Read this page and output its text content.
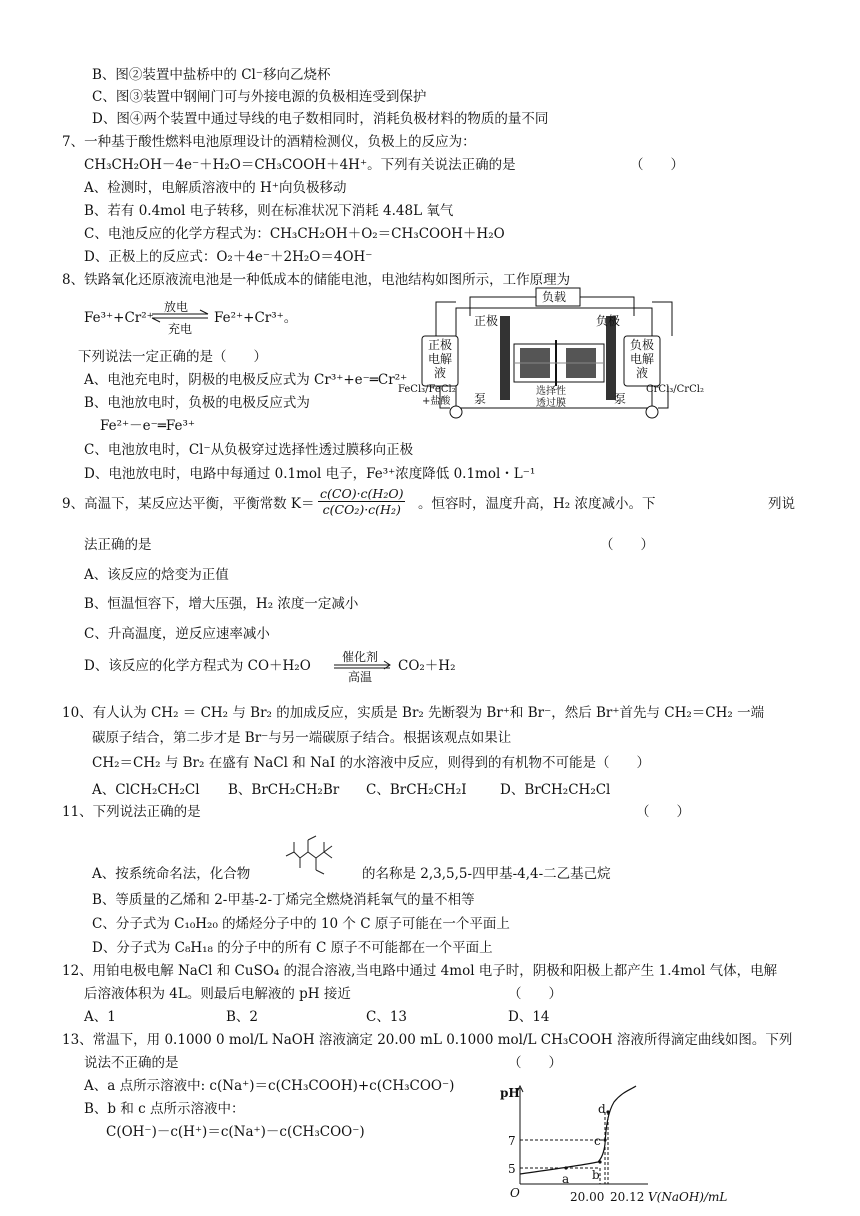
B、图②装置中盐桥中的 Cl⁻移向乙烧杯
C、图③装置中钢闸门可与外接电源的负极相连受到保护
D、图④两个装置中通过导线的电子数相同时，消耗负极材料的物质的量不同
7、一种基于酸性燃料电池原理设计的酒精检测仪，负极上的反应为：
CH₃CH₂OH－4e⁻＋H₂O＝CH₃COOH＋4H⁺。下列有关说法正确的是	（　　）
A、检测时，电解质溶液中的 H⁺向负极移动
B、若有 0.4mol 电子转移，则在标准状况下消耗 4.48L 氧气
C、电池反应的化学方程式为：CH₃CH₂OH＋O₂＝CH₃COOH＋H₂O
D、正极上的反应式：O₂＋4e⁻＋2H₂O＝4OH⁻
8、铁路氧化还原液流电池是一种低成本的储能电池，电池结构如图所示，工作原理为
Fe³⁺+Cr²⁺
放电
充电
Fe²⁺+Cr³⁺。
下列说法一定正确的是（　　）
A、电池充电时，阴极的电极反应式为 Cr³⁺+e⁻═Cr²⁺
B、电池放电时，负极的电极反应式为
Fe²⁺－e⁻═Fe³⁺
C、电池放电时，Cl⁻从负极穿过选择性透过膜移向正极
D、电池放电时，电路中每通过 0.1mol 电子，Fe³⁺浓度降低 0.1mol・L⁻¹
负载
正极	负极
正极电解液
负极电解液
FeCl₃/FeCl₂
+盐酸
CrCl₃/CrCl₂
泵	泵
选择性
透过膜
9、高温下，某反应达平衡，平衡常数 $K= \frac{\text{c(CO)·c(H₂O)}}{\text{c(CO₂)·c(H₂)}}$ 。恒容时，温度升高，H₂ 浓度减小。下	列说
法正确的是	（　　）
A、该反应的焓变为正值
B、恒温恒容下，增大压强，H₂ 浓度一定减小
C、升高温度，逆反应速率减小
D、该反应的化学方程式为 CO＋H₂O
催化剂
高温
CO₂＋H₂
10、有人认为 CH₂ ＝ CH₂ 与 Br₂ 的加成反应，实质是 Br₂ 先断裂为 Br⁺和 Br⁻，然后 Br⁺首先与 CH₂＝CH₂ 一端
碳原子结合，第二步才是 Br⁻与另一端碳原子结合。根据该观点如果让
CH₂＝CH₂ 与 Br₂ 在盛有 NaCl 和 NaI 的水溶液中反应，则得到的有机物不可能是（　　）
A、ClCH₂CH₂Cl B、BrCH₂CH₂Br C、BrCH₂CH₂I D、BrCH₂CH₂Cl
11、下列说法正确的是	（　　）
A、按系统命名法，化合物	的名称是 2,3,5,5-四甲基-4,4-二乙基己烷
B、等质量的乙烯和 2-甲基-2-丁烯完全燃烧消耗氧气的量不相等
C、分子式为 C₁₀H₂₀ 的烯烃分子中的 10 个 C 原子可能在一个平面上
D、分子式为 C₈H₁₈ 的分子中的所有 C 原子不可能都在一个平面上
12、用铂电极电解 NaCl 和 CuSO₄ 的混合溶液,当电路中通过 4mol 电子时，阴极和阳极上都产生 1.4mol 气体，电解
后溶液体积为 4L。则最后电解液的 pH 接近	（　　）
A、1	B、2	C、13	D、14
13、常温下，用 0.1000 0 mol/L NaOH 溶液滴定 20.00 mL 0.1000 mol/L CH₃COOH 溶液所得滴定曲线如图。下列
说法不正确的是	（　　）
A、a 点所示溶液中: c(Na⁺)＝c(CH₃COOH)+c(CH₃COO⁻)
B、b 和 c 点所示溶液中：
C(OH⁻)－c(H⁺)＝c(Na⁺)－c(CH₃COO⁻)
pH
7
5
O
a b
c
d
20.00 20.12 V(NaOH)/mL
